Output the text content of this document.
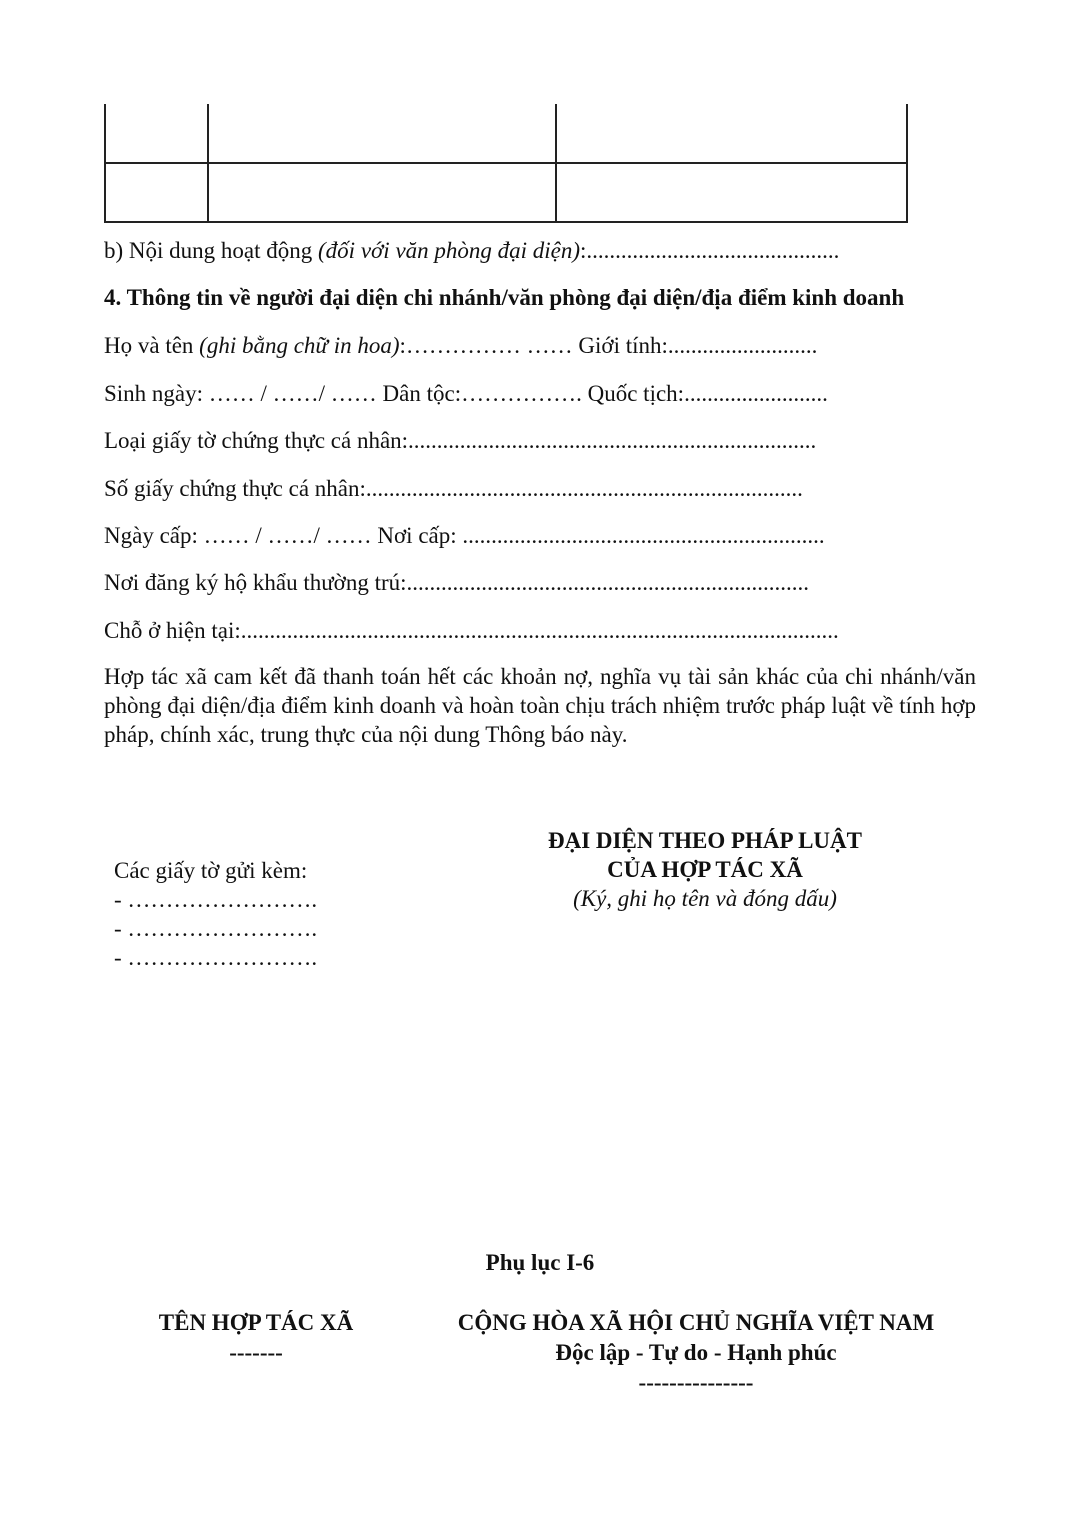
b) Nội dung hoạt động (đối với văn phòng đại diện):............................................
4. Thông tin về người đại diện chi nhánh/văn phòng đại diện/địa điểm kinh doanh
Họ và tên (ghi bằng chữ in hoa):…………… …… Giới tính:..........................
Sinh ngày: …… / ……/ …… Dân tộc:……………. Quốc tịch:.........................
Loại giấy tờ chứng thực cá nhân:.......................................................................
Số giấy chứng thực cá nhân:............................................................................
Ngày cấp: …… / ……/ …… Nơi cấp: ...............................................................
Nơi đăng ký hộ khẩu thường trú:......................................................................
Chỗ ở hiện tại:........................................................................................................
Hợp tác xã cam kết đã thanh toán hết các khoản nợ, nghĩa vụ tài sản khác của chi nhánh/văn phòng đại diện/địa điểm kinh doanh và hoàn toàn chịu trách nhiệm trước pháp luật về tính hợp pháp, chính xác, trung thực của nội dung Thông báo này.
Các giấy tờ gửi kèm:
- …………………….
- …………………….
- …………………….
ĐẠI DIỆN THEO PHÁP LUẬT
CỦA HỢP TÁC XÃ
(Ký, ghi họ tên và đóng dấu)
Phụ lục I-6
TÊN HỢP TÁC XÃ
-------
CỘNG HÒA XÃ HỘI CHỦ NGHĨA VIỆT NAM
Độc lập - Tự do - Hạnh phúc
---------------
